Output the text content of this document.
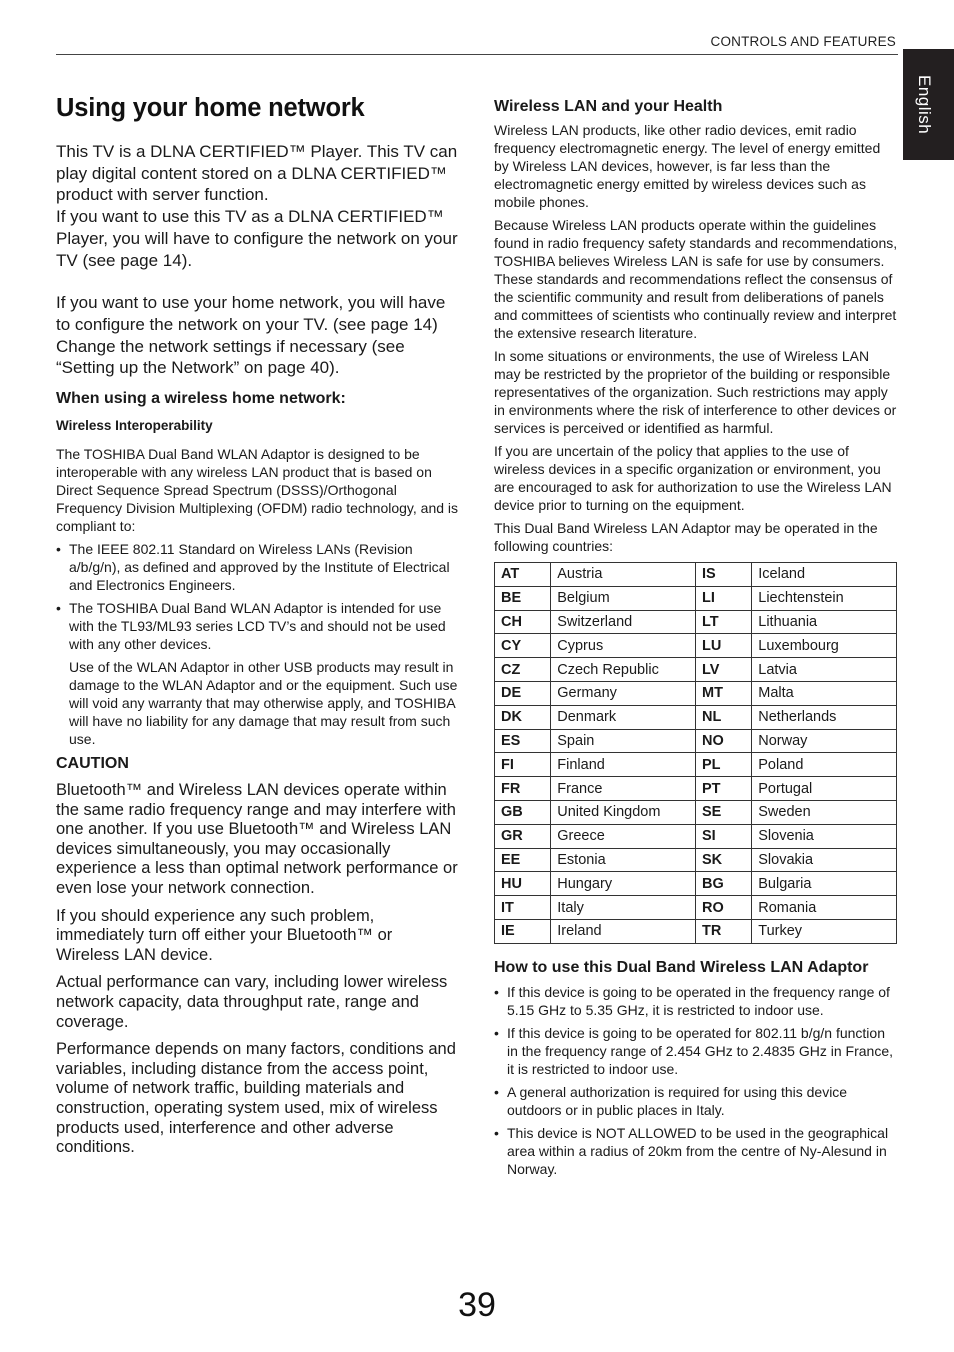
CONTROLS AND FEATURES
English
Using your home network

This TV is a DLNA CERTIFIED™ Player. This TV can play digital content stored on a DLNA CERTIFIED™ product with server function.

If you want to use this TV as a DLNA CERTIFIED™ Player, you will have to configure the network on your TV (see page 14).

If you want to use your home network, you will have to configure the network on your TV. (see page 14)

Change the network settings if necessary (see “Setting up the Network” on page 40).

When using a wireless home network:
Wireless Interoperability

The TOSHIBA Dual Band WLAN Adaptor is designed to be interoperable with any wireless LAN product that is based on Direct Sequence Spread Spectrum (DSSS)/Orthogonal Frequency Division Multiplexing (OFDM) radio technology, and is compliant to:

• The IEEE 802.11 Standard on Wireless LANs (Revision a/b/g/n), as defined and approved by the Institute of Electrical and Electronics Engineers.
• The TOSHIBA Dual Band WLAN Adaptor is intended for use with the TL93/ML93 series LCD TV’s and should not be used with any other devices.

Use of the WLAN Adaptor in other USB products may result in damage to the WLAN Adaptor and or the equipment. Such use will void any warranty that may otherwise apply, and TOSHIBA will have no liability for any damage that may result from such use.

CAUTION

Bluetooth™ and Wireless LAN devices operate within the same radio frequency range and may interfere with one another. If you use Bluetooth™ and Wireless LAN devices simultaneously, you may occasionally experience a less than optimal network performance or even lose your network connection.

If you should experience any such problem, immediately turn off either your Bluetooth™ or Wireless LAN device.

Actual performance can vary, including lower wireless network capacity, data throughput rate, range and coverage.

Performance depends on many factors, conditions and variables, including distance from the access point, volume of network traffic, building materials and construction, operating system used, mix of wireless products used, interference and other adverse conditions.

Wireless LAN and your Health

Wireless LAN products, like other radio devices, emit radio frequency electromagnetic energy. The level of energy emitted by Wireless LAN devices, however, is far less than the electromagnetic energy emitted by wireless devices such as mobile phones.

Because Wireless LAN products operate within the guidelines found in radio frequency safety standards and recommendations, TOSHIBA believes Wireless LAN is safe for use by consumers. These standards and recommendations reflect the consensus of the scientific community and result from deliberations of panels and committees of scientists who continually review and interpret the extensive research literature.

In some situations or environments, the use of Wireless LAN may be restricted by the proprietor of the building or responsible representatives of the organization. Such restrictions may apply in environments where the risk of interference to other devices or services is perceived or identified as harmful.

If you are uncertain of the policy that applies to the use of wireless devices in a specific organization or environment, you are encouraged to ask for authorization to use the Wireless LAN device prior to turning on the equipment.

This Dual Band Wireless LAN Adaptor may be operated in the following countries:

AT	Austria	IS	Iceland
BE	Belgium	LI	Liechtenstein
CH	Switzerland	LT	Lithuania
CY	Cyprus	LU	Luxembourg
CZ	Czech Republic	LV	Latvia
DE	Germany	MT	Malta
DK	Denmark	NL	Netherlands
ES	Spain	NO	Norway
FI	Finland	PL	Poland
FR	France	PT	Portugal
GB	United Kingdom	SE	Sweden
GR	Greece	SI	Slovenia
EE	Estonia	SK	Slovakia
HU	Hungary	BG	Bulgaria
IT	Italy	RO	Romania
IE	Ireland	TR	Turkey
How to use this Dual Band Wireless LAN Adaptor
• If this device is going to be operated in the frequency range of 5.15 GHz to 5.35 GHz, it is restricted to indoor use.
• If this device is going to be operated for 802.11 b/g/n function in the frequency range of 2.454 GHz to 2.4835 GHz in France, it is restricted to indoor use.
• A general authorization is required for using this device outdoors or in public places in Italy.
• This device is NOT ALLOWED to be used in the geographical area within a radius of 20km from the centre of Ny-Alesund in Norway.
39
